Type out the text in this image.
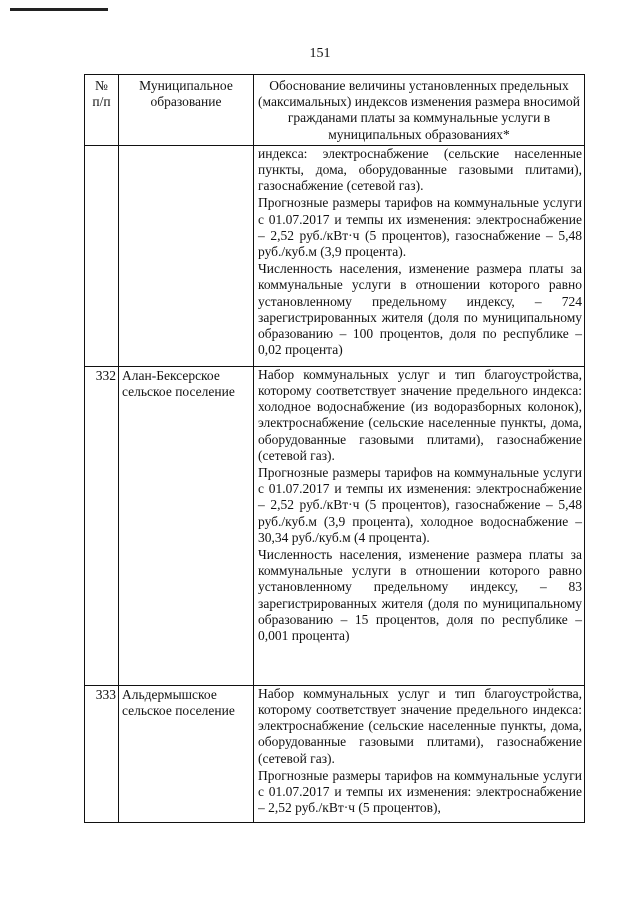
151
№ п/п	Муниципальное образование	Обоснование величины установленных предельных (максимальных) индексов изменения размера вносимой гражданами платы за коммунальные услуги в муниципальных образованиях*

		индекса: электроснабжение (сельские населенные пункты, дома, оборудованные газовыми плитами), газоснабжение (сетевой газ).
Прогнозные размеры тарифов на коммунальные услуги с 01.07.2017 и темпы их изменения: электроснабжение – 2,52 руб./кВт·ч (5 процентов), газоснабжение – 5,48 руб./куб.м (3,9 процента).
Численность населения, изменение размера платы за коммунальные услуги в отношении которого равно установленному предельному индексу, – 724 зарегистрированных жителя (доля по муниципальному образованию – 100 процентов, доля по республике – 0,02 процента)

332	Алан-Бексерское сельское поселение	Набор коммунальных услуг и тип благоустройства, которому соответствует значение предельного индекса: холодное водоснабжение (из водоразборных колонок), электроснабжение (сельские населенные пункты, дома, оборудованные газовыми плитами), газоснабжение (сетевой газ).
Прогнозные размеры тарифов на коммунальные услуги с 01.07.2017 и темпы их изменения: электроснабжение – 2,52 руб./кВт·ч (5 процентов), газоснабжение – 5,48 руб./куб.м (3,9 процента), холодное водоснабжение – 30,34 руб./куб.м (4 процента).
Численность населения, изменение размера платы за коммунальные услуги в отношении которого равно установленному предельному индексу, – 83 зарегистрированных жителя (доля по муниципальному образованию – 15 процентов, доля по республике – 0,001 процента)

333	Альдермышское сельское поселение	Набор коммунальных услуг и тип благоустройства, которому соответствует значение предельного индекса: электроснабжение (сельские населенные пункты, дома, оборудованные газовыми плитами), газоснабжение (сетевой газ).
Прогнозные размеры тарифов на коммунальные услуги с 01.07.2017 и темпы их изменения: электроснабжение – 2,52 руб./кВт·ч (5 процентов),
